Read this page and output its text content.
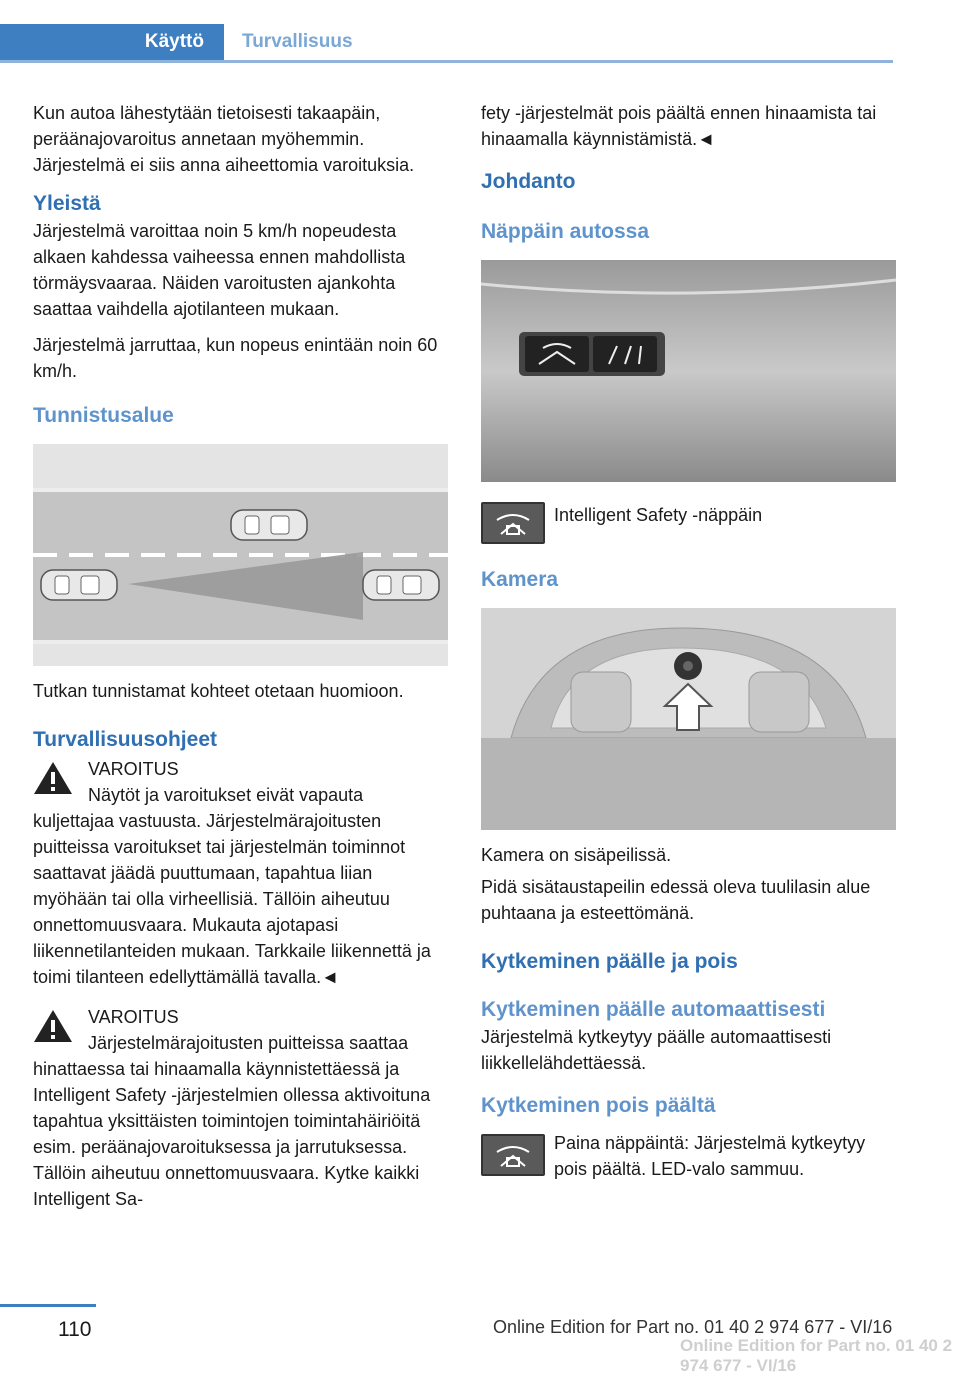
Käyttö Turvallisuus

Kun autoa lähestytään tietoisesti takaapäin, peräänajovaroitus annetaan myöhemmin. Järjestelmä ei siis anna aiheettomia varoituksia.

Yleistä

Järjestelmä varoittaa noin 5 km/h nopeudesta alkaen kahdessa vaiheessa ennen mahdollista törmäysvaaraa. Näiden varoitusten ajankohta saattaa vaihdella ajotilanteen mukaan.

Järjestelmä jarruttaa, kun nopeus enintään noin 60 km/h.

Tunnistusalue

Tutkan tunnistamat kohteet otetaan huomioon.

Turvallisuusohjeet
VAROITUS

Näytöt ja varoitukset eivät vapauta kuljettajaa vastuusta. Järjestelmärajoitusten puitteissa varoitukset tai järjestelmän toiminnot saattavat jäädä puuttumaan, tapahtua liian myöhään tai olla virheellisiä. Tällöin aiheutuu onnettomuusvaara. Mukauta ajotapasi liikennetilanteiden mukaan. Tarkkaile liikennettä ja toimi tilanteen edellyttämällä tavalla.◄

VAROITUS

Järjestelmärajoitusten puitteissa saattaa hinattaessa tai hinaamalla käynnistettäessä ja Intelligent Safety -järjestelmien ollessa aktivoituna tapahtua yksittäisten toimintojen toimintahäiriöitä esim. peräänajovaroituksessa ja jarrutuksessa. Tällöin aiheutuu onnettomuusvaara. Kytke kaikki Intelligent Sa-

fety -järjestelmät pois päältä ennen hinaamista tai hinaamalla käynnistämistä.◄

Johdanto
Näppäin autossa

Intelligent Safety -näppäin

Kamera

Kamera on sisäpeilissä.

Pidä sisätaustapeilin edessä oleva tuulilasin alue puhtaana ja esteettömänä.

Kytkeminen päälle ja pois
Kytkeminen päälle automaattisesti

Järjestelmä kytkeytyy päälle automaattisesti liikkellelähdettäessä.

Kytkeminen pois päältä

Paina näppäintä: Järjestelmä kytkeytyy pois päältä. LED-valo sammuu.

110	Online Edition for Part no. 01 40 2 974 677 - VI/16
Online Edition for Part no. 01 40 2 974 677 - VI/16
